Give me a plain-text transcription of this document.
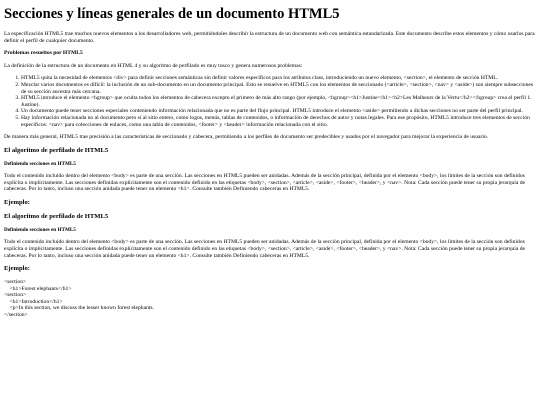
Secciones y líneas generales de un documento HTML5

La especificación HTML5 trae muchos nuevos elementos a los desarrolladores web, permitiéndoles describir la estructura de un documento web con semántica estandarizada. Este documento describe estos elementos y cómo usarlos para definir el perfil de cualquier documento.

Problemas resueltos por HTML5

La definición de la estructura de un documento en HTML 4 y su algoritmo de perfilado es muy tosco y genera numerosos problemas:

1. HTML5 quita la necesidad de elementos <div> para definir secciones semánticas sin definir valores específicos para los atributos class, introduciendo un nuevo elemento, <section>, el elemento de sección HTML.
2. Mezclar varios documentos es difícil: la inclusión de un sub-documento en un documento principal. Esto se resuelve en HTML5 con los elementos de seccionado (<article>, <section>, <nav> y <aside>) son siempre subsecciones de su sección ancestra más cercana.
3. HTML5 introduce el elemento <hgroup> que oculta todos los elementos de cabecera excepto el primero de más alto rango (por ejemplo, <hgroup><h1>Justine</h1><h2>Les Malheurs de la Vertu</h2></hgroup> crea el perfil 1. Justine).
4. Un documento puede tener secciones especiales conteniendo información relacionada que no es parte del flujo principal. HTML5 introduce el elemento <aside> permitiendo a dichas secciones no ser parte del perfil principal.
5. Hay información relacionada no al documento pero sí al sitio entero, como logos, menús, tablas de contenidos, o información de derechos de autor y notas legales. Para ese propósito, HTML5 introduce tres elementos de sección específicos: <nav> para colecciones de enlaces, como una tabla de contenidos, <footer> y <header> información relacionada con el sitio.

De manera más general, HTML5 trae precisión a las características de seccionado y cabecera, permitiendo a los perfiles de documento ser predecibles y usados por el navegador para mejorar la experiencia de usuario.

El algoritmo de perfilado de HTML5
Definiendo secciones en HTML5

Todo el contenido incluido dentro del elemento <body> es parte de una sección. Las secciones en HTML5 pueden ser anidadas. Además de la sección principal, definida por el elemento <body>, los límites de la sección son definidos explícita o implícitamente. Las secciones definidas explícitamente son el contenido definido en las etiquetas <body>, <section>, <article>, <aside>, <footer>, <header>, y <nav>. Nota: Cada sección puede tener su propia jerarquía de cabeceras. Por lo tanto, incluso una sección anidada puede tener un elemento <h1>. Consulte también Definiendo cabeceras en HTML5.

Ejemplo:
El algoritmo de perfilado de HTML5
Definiendo secciones en HTML5

Todo el contenido incluido dentro del elemento <body> es parte de una sección. Las secciones en HTML5 pueden ser anidadas. Además de la sección principal, definida por el elemento <body>, los límites de la sección son definidos explícita o implícitamente. Las secciones definidas explícitamente son el contenido definido en las etiquetas <body>, <section>, <article>, <aside>, <footer>, <header>, y <nav>. Nota: Cada sección puede tener su propia jerarquía de cabeceras. Por lo tanto, incluso una sección anidada puede tener un elemento <h1>. Consulte también Definiendo cabeceras en HTML5.

Ejemplo:
<section>
<h1>Forest elephants</h1>
<section>
<h1>Introduction</h1>
<p>In this section, we discuss the lesser known forest elephants.
</section>
